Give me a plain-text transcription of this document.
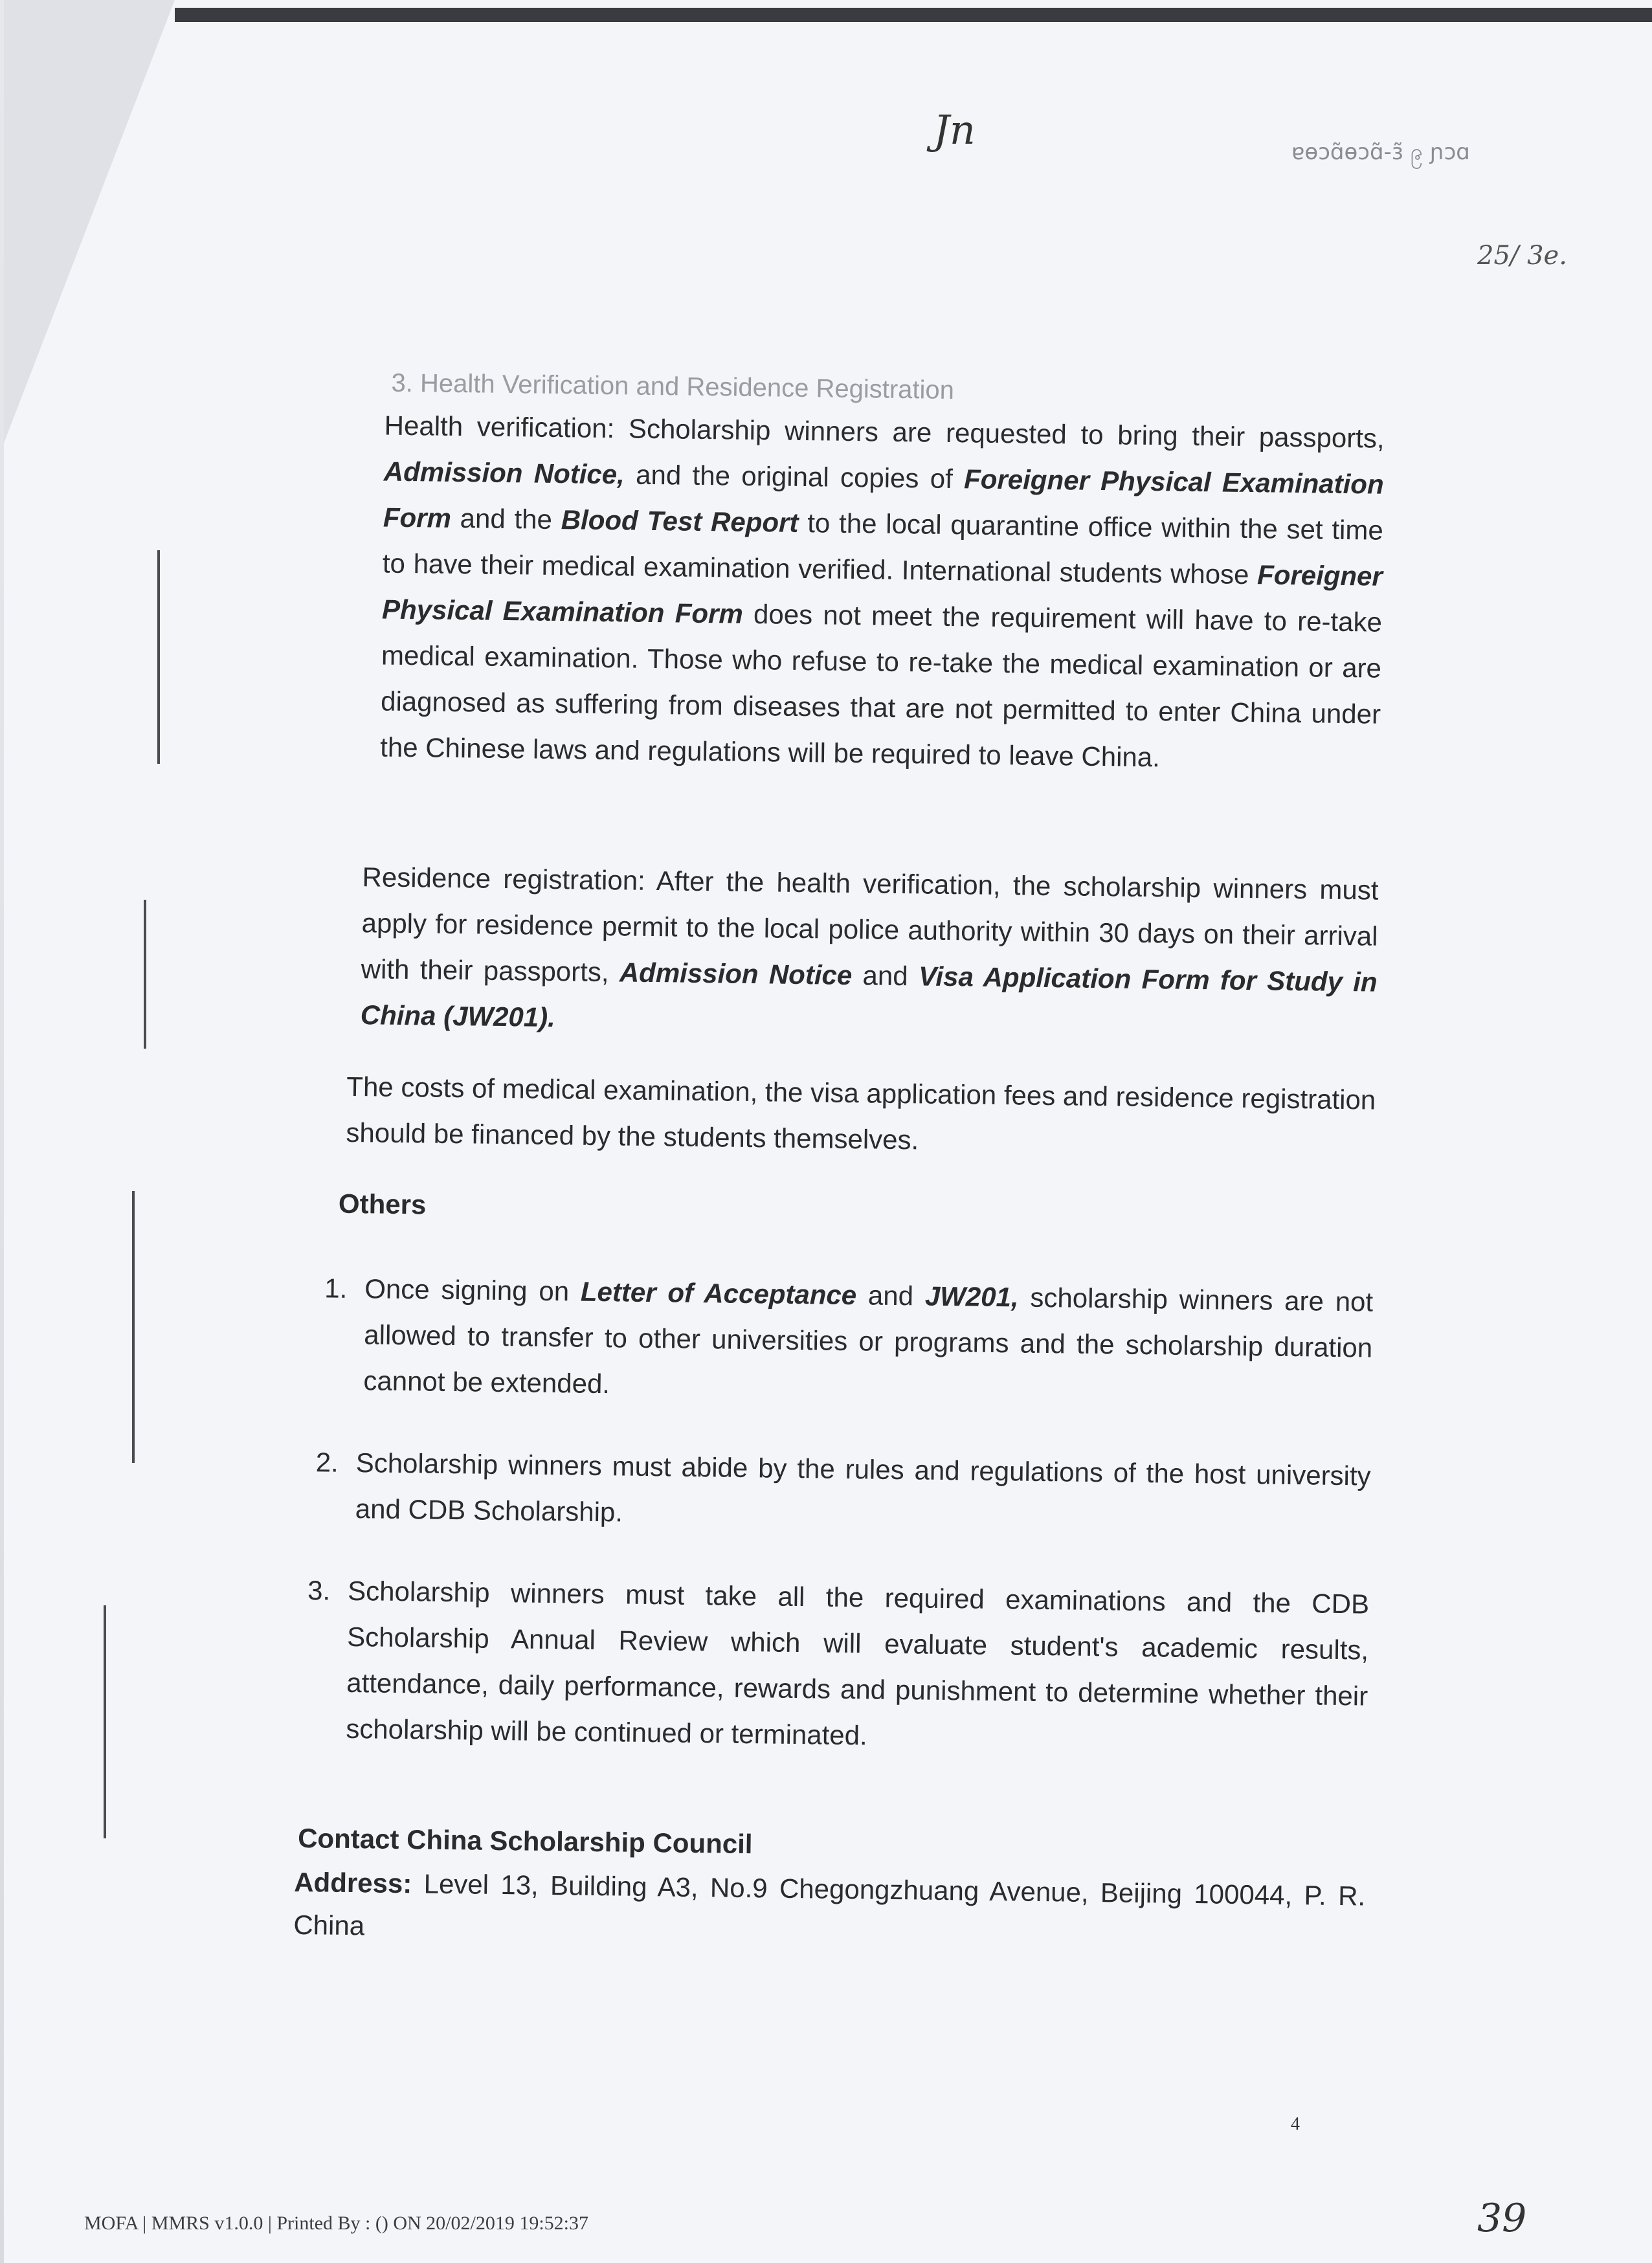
Jn	ɐɵɔɑ̃ɵɔɑ̃-ɜ̃ ၉ ɲɔɑ
25/ 3e.
39

3. Health Verification and Residence Registration

Health verification: Scholarship winners are requested to bring their passports, Admission Notice, and the original copies of Foreigner Physical Examination Form and the Blood Test Report to the local quarantine office within the set time to have their medical examination verified. International students whose Foreigner Physical Examination Form does not meet the requirement will have to re-take medical examination. Those who refuse to re-take the medical examination or are diagnosed as suffering from diseases that are not permitted to enter China under the Chinese laws and regulations will be required to leave China.

Residence registration: After the health verification, the scholarship winners must apply for residence permit to the local police authority within 30 days on their arrival with their passports, Admission Notice and Visa Application Form for Study in China (JW201).

The costs of medical examination, the visa application fees and residence registration should be financed by the students themselves.

Others
1. Once signing on Letter of Acceptance and JW201, scholarship winners are not allowed to transfer to other universities or programs and the scholarship duration cannot be extended.
2. Scholarship winners must abide by the rules and regulations of the host university and CDB Scholarship.
3. Scholarship winners must take all the required examinations and the CDB Scholarship Annual Review which will evaluate student's academic results, attendance, daily performance, rewards and punishment to determine whether their scholarship will be continued or terminated.
Contact China Scholarship Council

Address: Level 13, Building A3, No.9 Chegongzhuang Avenue, Beijing 100044, P. R. China

4
MOFA | MMRS v1.0.0 | Printed By : () ON 20/02/2019 19:52:37
